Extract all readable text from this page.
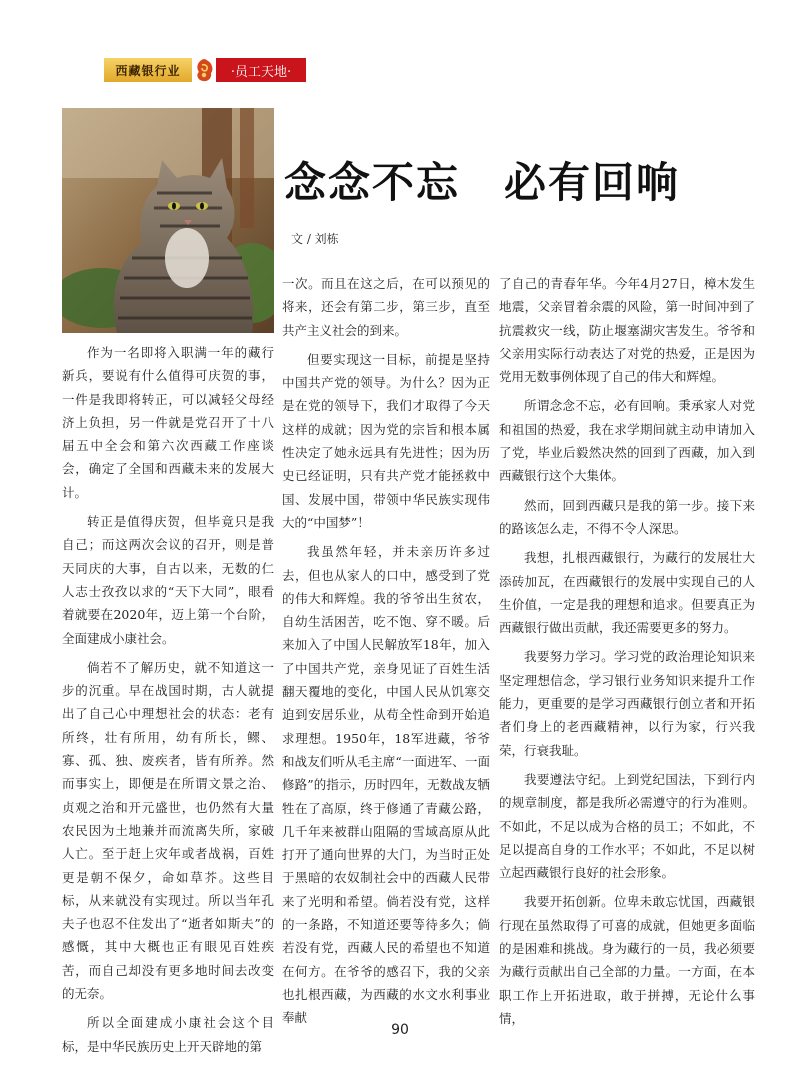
西藏银行业	·员工天地·
念念不忘　必有回响
文 / 刘栋

作为一名即将入职满一年的藏行新兵，要说有什么值得可庆贺的事，一件是我即将转正，可以减轻父母经济上负担，另一件就是党召开了十八届五中全会和第六次西藏工作座谈会，确定了全国和西藏未来的发展大计。

转正是值得庆贺，但毕竟只是我自己；而这两次会议的召开，则是普天同庆的大事，自古以来，无数的仁人志士孜孜以求的“天下大同”，眼看着就要在2020年，迈上第一个台阶，全面建成小康社会。

倘若不了解历史，就不知道这一步的沉重。早在战国时期，古人就提出了自己心中理想社会的状态：老有所终，壮有所用，幼有所长，鳏、寡、孤、独、废疾者，皆有所养。然而事实上，即便是在所谓文景之治、贞观之治和开元盛世，也仍然有大量农民因为土地兼并而流离失所，家破人亡。至于赶上灾年或者战祸，百姓更是朝不保夕，命如草芥。这些目标，从来就没有实现过。所以当年孔夫子也忍不住发出了“逝者如斯夫”的感慨，其中大概也正有眼见百姓疾苦，而自己却没有更多地时间去改变的无奈。

所以全面建成小康社会这个目标，是中华民族历史上开天辟地的第

一次。而且在这之后，在可以预见的将来，还会有第二步，第三步，直至共产主义社会的到来。

但要实现这一目标，前提是坚持中国共产党的领导。为什么？因为正是在党的领导下，我们才取得了今天这样的成就；因为党的宗旨和根本属性决定了她永远具有先进性；因为历史已经证明，只有共产党才能拯救中国、发展中国，带领中华民族实现伟大的“中国梦”！

我虽然年轻，并未亲历许多过去，但也从家人的口中，感受到了党的伟大和辉煌。我的爷爷出生贫农，自幼生活困苦，吃不饱、穿不暖。后来加入了中国人民解放军18年，加入了中国共产党，亲身见证了百姓生活翻天覆地的变化，中国人民从饥寒交迫到安居乐业，从苟全性命到开始追求理想。1950年，18军进藏，爷爷和战友们听从毛主席“一面进军、一面修路”的指示，历时四年，无数战友牺牲在了高原，终于修通了青藏公路，几千年来被群山阻隔的雪域高原从此打开了通向世界的大门，为当时正处于黑暗的农奴制社会中的西藏人民带来了光明和希望。倘若没有党，这样的一条路，不知道还要等待多久；倘若没有党，西藏人民的希望也不知道在何方。在爷爷的感召下，我的父亲也扎根西藏，为西藏的水文水利事业奉献

了自己的青春年华。今年4月27日，樟木发生地震，父亲冒着余震的风险，第一时间冲到了抗震救灾一线，防止堰塞湖灾害发生。爷爷和父亲用实际行动表达了对党的热爱，正是因为党用无数事例体现了自己的伟大和辉煌。

所谓念念不忘，必有回响。秉承家人对党和祖国的热爱，我在求学期间就主动申请加入了党，毕业后毅然决然的回到了西藏，加入到西藏银行这个大集体。

然而，回到西藏只是我的第一步。接下来的路该怎么走，不得不令人深思。

我想，扎根西藏银行，为藏行的发展壮大添砖加瓦，在西藏银行的发展中实现自己的人生价值，一定是我的理想和追求。但要真正为西藏银行做出贡献，我还需要更多的努力。

我要努力学习。学习党的政治理论知识来坚定理想信念，学习银行业务知识来提升工作能力，更重要的是学习西藏银行创立者和开拓者们身上的老西藏精神，以行为家，行兴我荣，行衰我耻。

我要遵法守纪。上到党纪国法，下到行内的规章制度，都是我所必需遵守的行为准则。不如此，不足以成为合格的员工；不如此，不足以提高自身的工作水平；不如此，不足以树立起西藏银行良好的社会形象。

我要开拓创新。位卑未敢忘忧国，西藏银行现在虽然取得了可喜的成就，但她更多面临的是困难和挑战。身为藏行的一员，我必须要为藏行贡献出自己全部的力量。一方面，在本职工作上开拓进取，敢于拼搏，无论什么事情，

90
